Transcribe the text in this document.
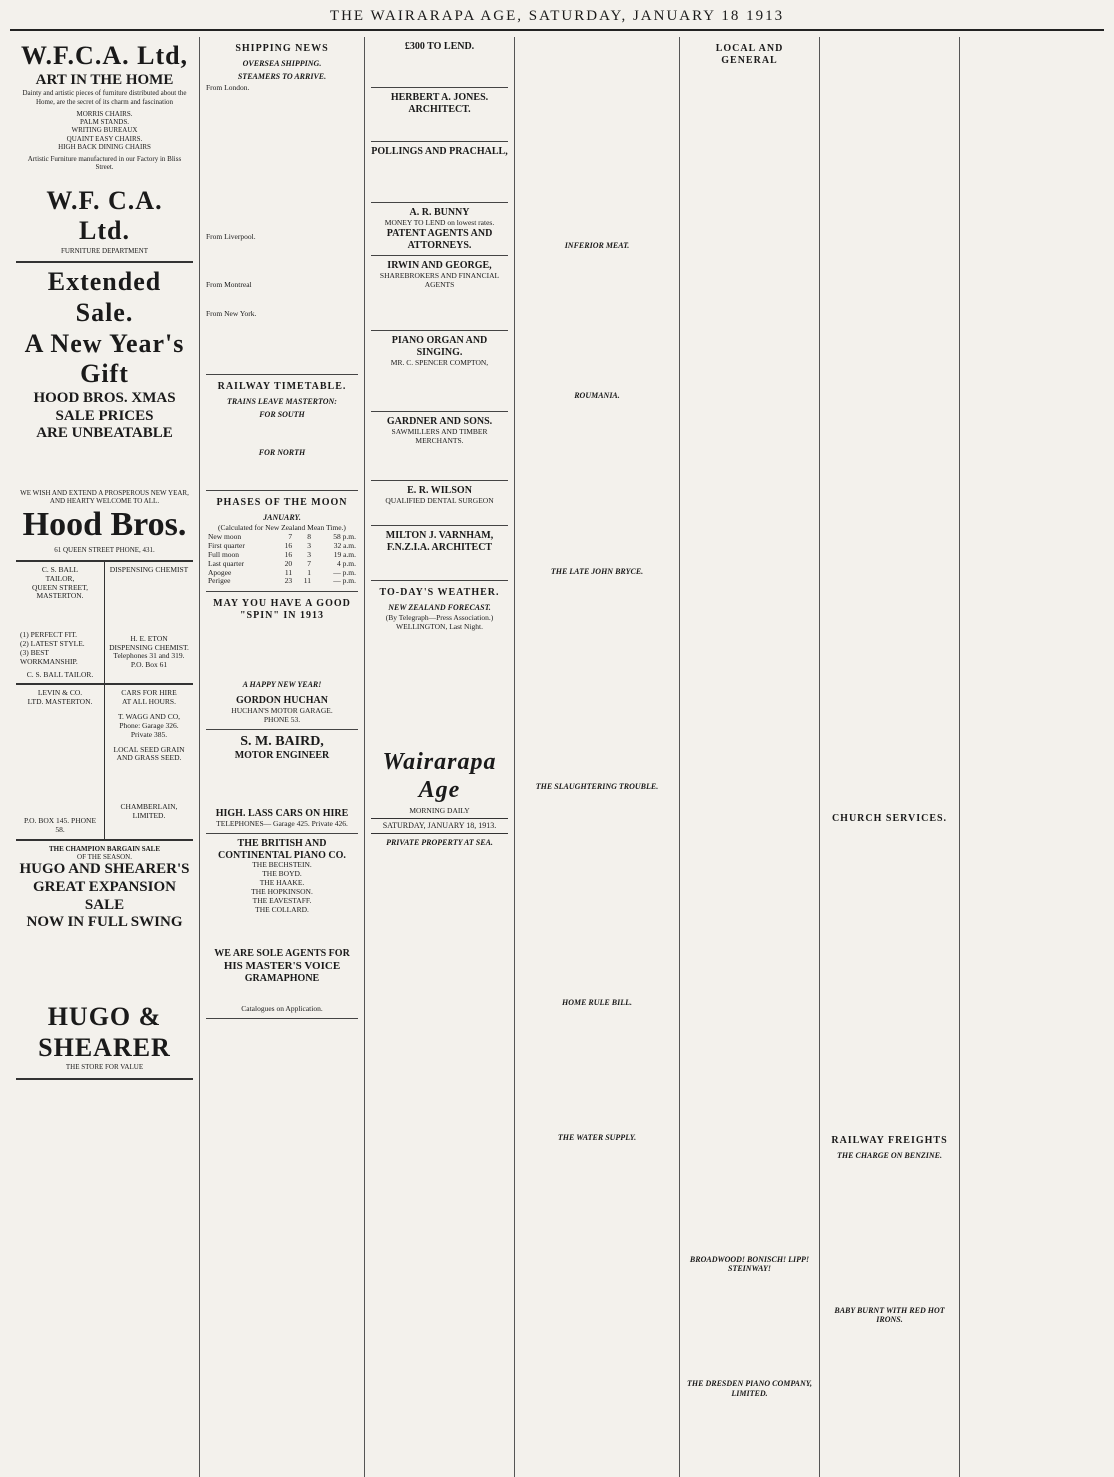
THE WAIRARAPA AGE, SATURDAY, JANUARY 18 1913
W.F.C.A. Ltd,
ART IN THE HOME
Dainty and artistic pieces of furniture distributed about the Home, are the secret of its charm and fascination
MORRIS CHAIRS.
PALM STANDS.
WRITING BUREAUX
QUAINT EASY CHAIRS.
HIGH BACK DINING CHAIRS
Artistic Furniture manufactured in our Factory in Bliss Street.
W.F. C.A. Ltd.
FURNITURE DEPARTMENT
Extended Sale.
A New Year's Gift
HOOD BROS. XMAS SALE PRICES
ARE UNBEATABLE
WE WISH AND EXTEND A PROSPEROUS NEW YEAR, AND HEARTY WELCOME TO ALL.
Hood Bros.
61 QUEEN STREET PHONE, 431.
C. S. BALL
TAILOR,
QUEEN STREET, MASTERTON.
(1) PERFECT FIT.
(2) LATEST STYLE.
(3) BEST WORKMANSHIP.
C. S. BALL TAILOR.
DISPENSING CHEMIST
H. E. ETON
DISPENSING CHEMIST.
Telephones 31 and 319. P.O. Box 61
LEVIN & CO.
LTD. MASTERTON.
P.O. BOX 145. PHONE 58.
CARS FOR HIRE
AT ALL HOURS.
T. WAGG AND CO,
Phone: Garage 326. Private 385.
LOCAL SEED GRAIN AND GRASS SEED.
CHAMBERLAIN, LIMITED.
THE CHAMPION BARGAIN SALE
OF THE SEASON.
HUGO AND SHEARER'S GREAT EXPANSION SALE
NOW IN FULL SWING
HUGO & SHEARER
THE STORE FOR VALUE
SHIPPING NEWS
OVERSEA SHIPPING.
STEAMERS TO ARRIVE.
From London.
From Liverpool.
From Montreal
From New York.
RAILWAY TIMETABLE.
TRAINS LEAVE MASTERTON:
FOR SOUTH
FOR NORTH
PHASES OF THE MOON
JANUARY.
(Calculated for New Zealand Mean Time.)
New moon	7	8	58 p.m.
First quarter	16	3	32 a.m.
Full moon	16	3	19 a.m.
Last quarter	20	7	4 p.m.
Apogee	11	1	— p.m.
Perigee	23	11	— p.m.
MAY YOU HAVE A GOOD "SPIN" IN 1913
A HAPPY NEW YEAR!
GORDON HUCHAN
HUCHAN'S MOTOR GARAGE.
PHONE 53.
S. M. BAIRD,
MOTOR ENGINEER
HIGH. LASS CARS ON HIRE
TELEPHONES— Garage 425. Private 426.
THE BRITISH AND CONTINENTAL PIANO CO.
THE BECHSTEIN.
THE BOYD.
THE HAAKE.
THE HOPKINSON.
THE EAVESTAFF.
THE COLLARD.
WE ARE SOLE AGENTS FOR
HIS MASTER'S VOICE
GRAMAPHONE
Catalogues on Application.
£300 TO LEND.
HERBERT A. JONES. ARCHITECT.
POLLINGS AND PRACHALL,
A. R. BUNNY
MONEY TO LEND on lowest rates.
PATENT AGENTS AND ATTORNEYS.
IRWIN AND GEORGE,
SHAREBROKERS AND FINANCIAL AGENTS
PIANO ORGAN AND SINGING.
MR. C. SPENCER COMPTON,
GARDNER AND SONS.
SAWMILLERS AND TIMBER MERCHANTS.
E. R. WILSON
QUALIFIED DENTAL SURGEON
MILTON J. VARNHAM, F.N.Z.I.A. ARCHITECT
TO-DAY'S WEATHER.
NEW ZEALAND FORECAST.
(By Telegraph—Press Association.)
WELLINGTON, Last Night.
Wairarapa Age
MORNING DAILY
SATURDAY, JANUARY 18, 1913.
PRIVATE PROPERTY AT SEA.
INFERIOR MEAT.
ROUMANIA.
THE LATE JOHN BRYCE.
THE SLAUGHTERING TROUBLE.
HOME RULE BILL.
THE WATER SUPPLY.
LOCAL AND GENERAL
BROADWOOD! BONISCH! LIPP! STEINWAY!
THE DRESDEN PIANO COMPANY, LIMITED.
CHURCH SERVICES.
RAILWAY FREIGHTS
THE CHARGE ON BENZINE.
BABY BURNT WITH RED HOT IRONS.
